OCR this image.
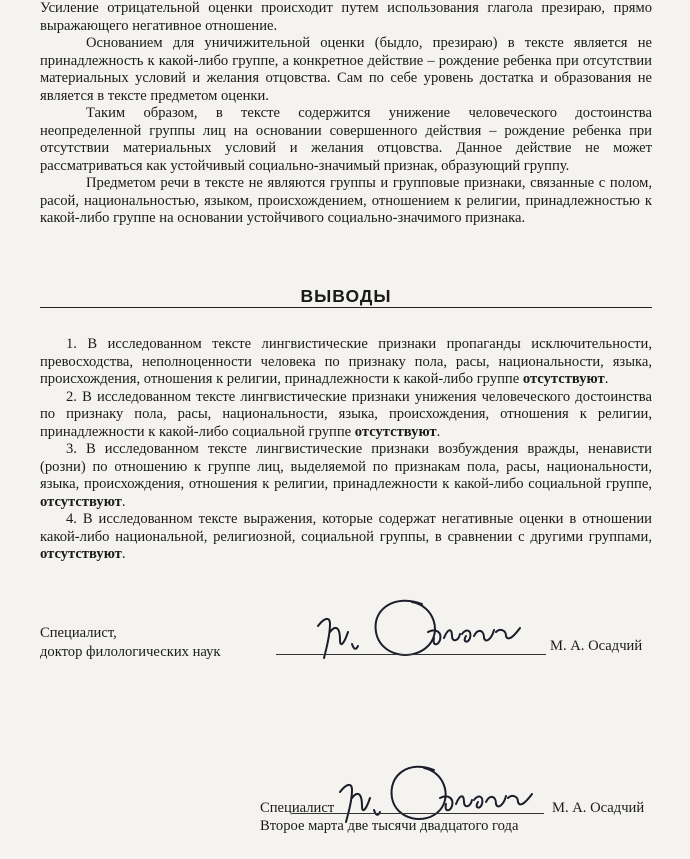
Усиление отрицательной оценки происходит путем использования глагола презираю, прямо выражающего негативное отношение.

Основанием для уничижительной оценки (быдло, презираю) в тексте является не принадлежность к какой-либо группе, а конкретное действие – рождение ребенка при отсутствии материальных условий и желания отцовства. Сам по себе уровень достатка и образования не является в тексте предметом оценки.

Таким образом, в тексте содержится унижение человеческого достоинства неопределенной группы лиц на основании совершенного действия – рождение ребенка при отсутствии материальных условий и желания отцовства. Данное действие не может рассматриваться как устойчивый социально-значимый признак, образующий группу.

Предметом речи в тексте не являются группы и групповые признаки, связанные с полом, расой, национальностью, языком, происхождением, отношением к религии, принадлежностью к какой-либо группе на основании устойчивого социально-значимого признака.

ВЫВОДЫ

1. В исследованном тексте лингвистические признаки пропаганды исключительности, превосходства, неполноценности человека по признаку пола, расы, национальности, языка, происхождения, отношения к религии, принадлежности к какой-либо группе отсутствуют.

2. В исследованном тексте лингвистические признаки унижения человеческого достоинства по признаку пола, расы, национальности, языка, происхождения, отношения к религии, принадлежности к какой-либо социальной группе отсутствуют.

3. В исследованном тексте лингвистические признаки возбуждения вражды, ненависти (розни) по отношению к группе лиц, выделяемой по признакам пола, расы, национальности, языка, происхождения, отношения к религии, принадлежности к какой-либо социальной группе, отсутствуют.

4. В исследованном тексте выражения, которые содержат негативные оценки в отношении какой-либо национальной, религиозной, социальной группы, в сравнении с другими группами, отсутствуют.

Специалист,
доктор филологических наук	М. А. Осадчий
Специалист	М. А. Осадчий
Второе марта две тысячи двадцатого года
